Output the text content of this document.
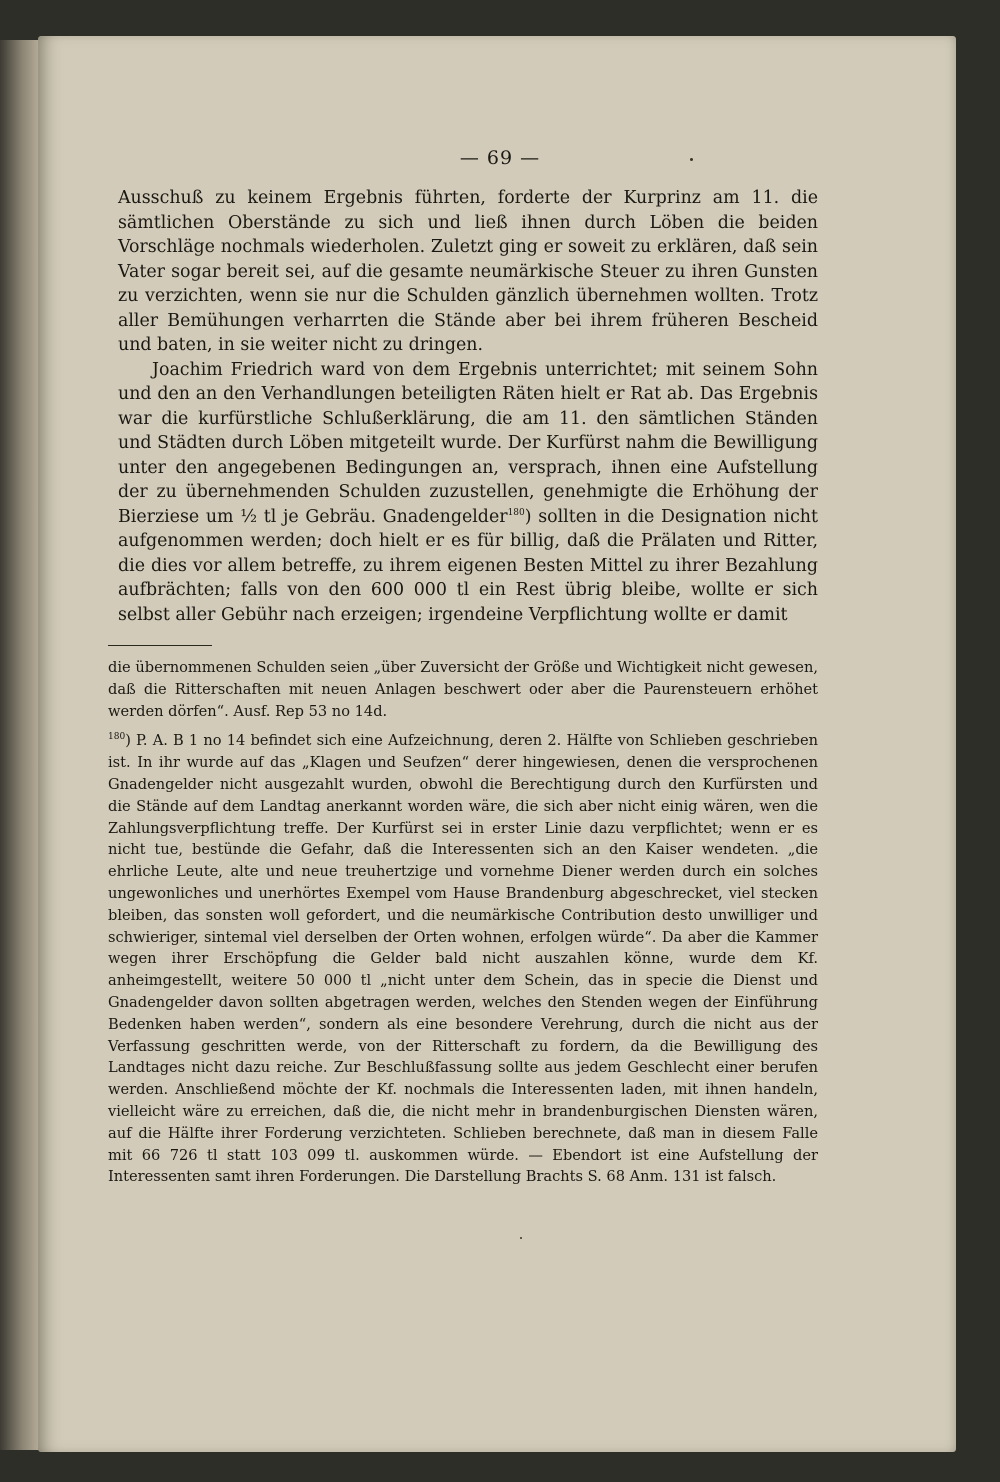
— 69 —

Ausschuß zu keinem Ergebnis führten, forderte der Kurprinz am 11. die sämtlichen Oberstände zu sich und ließ ihnen durch Löben die beiden Vorschläge nochmals wiederholen. Zuletzt ging er soweit zu erklären, daß sein Vater sogar bereit sei, auf die gesamte neumärkische Steuer zu ihren Gunsten zu verzichten, wenn sie nur die Schulden gänzlich übernehmen wollten. Trotz aller Bemühungen verharrten die Stände aber bei ihrem früheren Bescheid und baten, in sie weiter nicht zu dringen.

Joachim Friedrich ward von dem Ergebnis unterrichtet; mit seinem Sohn und den an den Verhandlungen beteiligten Räten hielt er Rat ab. Das Ergebnis war die kurfürstliche Schlußerklärung, die am 11. den sämtlichen Ständen und Städten durch Löben mitgeteilt wurde. Der Kurfürst nahm die Bewilligung unter den angegebenen Bedingungen an, versprach, ihnen eine Aufstellung der zu übernehmenden Schulden zuzustellen, genehmigte die Erhöhung der Bierziese um ½ tl je Gebräu. Gnadengelder$^{180}$) sollten in die Designation nicht aufgenommen werden; doch hielt er es für billig, daß die Prälaten und Ritter, die dies vor allem betreffe, zu ihrem eigenen Besten Mittel zu ihrer Bezahlung aufbrächten; falls von den 600 000 tl ein Rest übrig bleibe, wollte er sich selbst aller Gebühr nach erzeigen; irgendeine Verpflichtung wollte er damit

die übernommenen Schulden seien „über Zuversicht der Größe und Wichtigkeit nicht gewesen, daß die Ritterschaften mit neuen Anlagen beschwert oder aber die Paurensteuern erhöhet werden dörfen“. Ausf. Rep 53 no 14d.

$^{180}$) P. A. B 1 no 14 befindet sich eine Aufzeichnung, deren 2. Hälfte von Schlieben geschrieben ist. In ihr wurde auf das „Klagen und Seufzen“ derer hingewiesen, denen die versprochenen Gnadengelder nicht ausgezahlt wurden, obwohl die Berechtigung durch den Kurfürsten und die Stände auf dem Landtag anerkannt worden wäre, die sich aber nicht einig wären, wen die Zahlungsverpflichtung treffe. Der Kurfürst sei in erster Linie dazu verpflichtet; wenn er es nicht tue, bestünde die Gefahr, daß die Interessenten sich an den Kaiser wendeten. „die ehrliche Leute, alte und neue treuhertzige und vornehme Diener werden durch ein solches ungewonliches und unerhörtes Exempel vom Hause Brandenburg abgeschrecket, viel stecken bleiben, das sonsten woll gefordert, und die neumärkische Contribution desto unwilliger und schwieriger, sintemal viel derselben der Orten wohnen, erfolgen würde“. Da aber die Kammer wegen ihrer Erschöpfung die Gelder bald nicht auszahlen könne, wurde dem Kf. anheimgestellt, weitere 50 000 tl „nicht unter dem Schein, das in specie die Dienst und Gnadengelder davon sollten abgetragen werden, welches den Stenden wegen der Einführung Bedenken haben werden“, sondern als eine besondere Verehrung, durch die nicht aus der Verfassung geschritten werde, von der Ritterschaft zu fordern, da die Bewilligung des Landtages nicht dazu reiche. Zur Beschlußfassung sollte aus jedem Geschlecht einer berufen werden. Anschließend möchte der Kf. nochmals die Interessenten laden, mit ihnen handeln, vielleicht wäre zu erreichen, daß die, die nicht mehr in brandenburgischen Diensten wären, auf die Hälfte ihrer Forderung verzichteten. Schlieben berechnete, daß man in diesem Falle mit 66 726 tl statt 103 099 tl. auskommen würde. — Ebendort ist eine Aufstellung der Interessenten samt ihren Forderungen. Die Darstellung Brachts S. 68 Anm. 131 ist falsch.
